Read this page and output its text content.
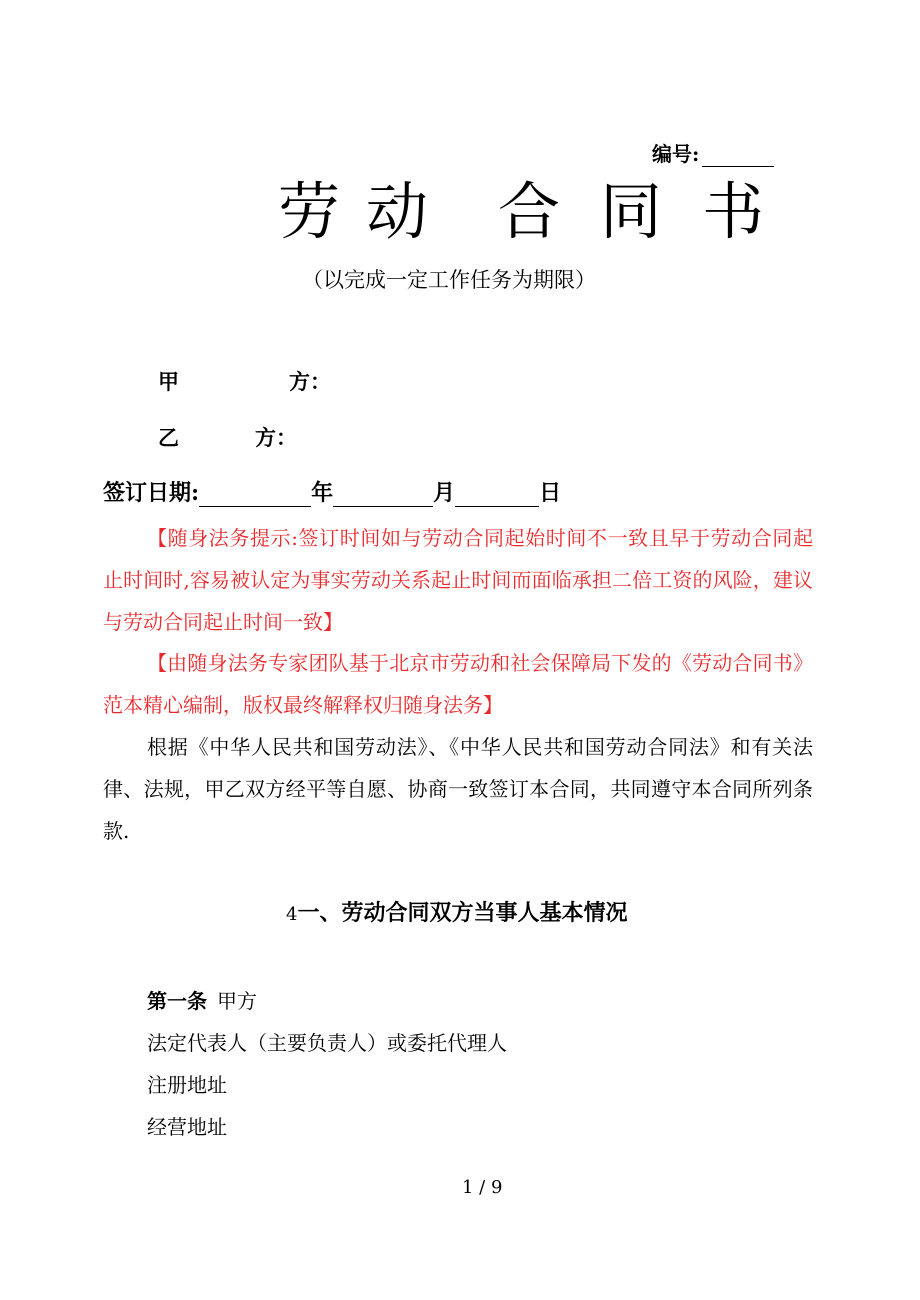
编号:
劳 动 合 同 书
（以完成一定工作任务为期限）
甲	方：
乙	方：
签订日期:	年	月	日
【随身法务提示:签订时间如与劳动合同起始时间不一致且早于劳动合同起止时间时,容易被认定为事实劳动关系起止时间而面临承担二倍工资的风险，建议与劳动合同起止时间一致】
【由随身法务专家团队基于北京市劳动和社会保障局下发的《劳动合同书》范本精心编制，版权最终解释权归随身法务】
根据《中华人民共和国劳动法》、《中华人民共和国劳动合同法》和有关法律、法规，甲乙双方经平等自愿、协商一致签订本合同，共同遵守本合同所列条款.
4一、劳动合同双方当事人基本情况
第一条 甲方
法定代表人（主要负责人）或委托代理人
注册地址
经营地址
1 / 9
